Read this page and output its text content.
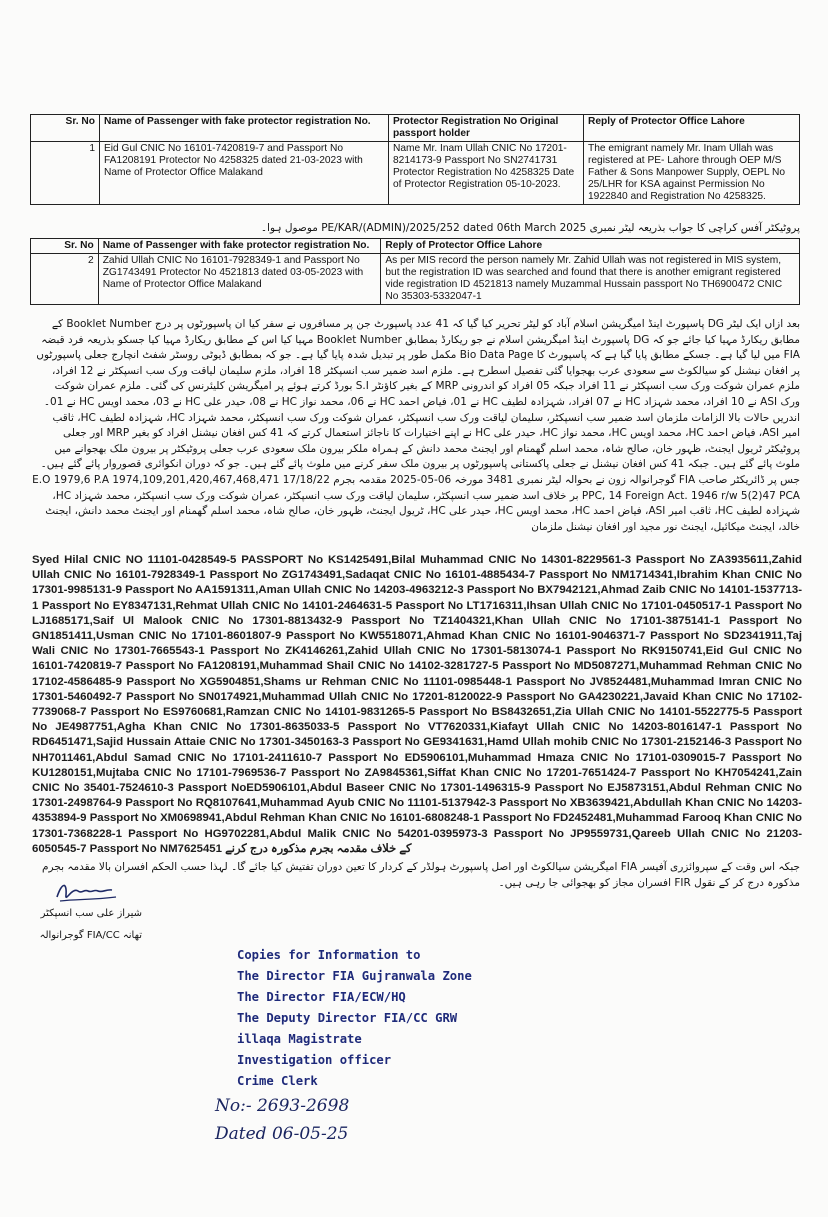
Sr. No	Name of Passenger with fake protector registration No.	Protector Registration No Original passport holder	Reply of Protector Office Lahore
1	Eid Gul CNIC No 16101-7420819-7 and Passport No FA1208191 Protector No 4258325 dated 21-03-2023 with Name of Protector Office Malakand	Name Mr. Inam Ullah CNIC No 17201-8214173-9 Passport No SN2741731 Protector Registration No 4258325 Date of Protector Registration 05-10-2023.	The emigrant namely Mr. Inam Ullah was registered at PE- Lahore through OEP M/S Father & Sons Manpower Supply, OEPL No 25/LHR for KSA against Permission No 1922840 and Registration No 4258325.
پروٹیکٹر آفس کراچی کا جواب بذریعہ لیٹر نمبری PE/KAR/(ADMIN)/2025/252 dated 06th March 2025 موصول ہوا۔
Sr. No	Name of Passenger with fake protector registration No.	Reply of Protector Office Lahore
2	Zahid Ullah CNIC No 16101-7928349-1 and Passport No ZG1743491 Protector No 4521813 dated 03-05-2023 with Name of Protector Office Malakand	As per MIS record the person namely Mr. Zahid Ullah was not registered in MIS system, but the registration ID was searched and found that there is another emigrant registered vide registration ID 4521813 namely Muzammal Hussain passport No TH6900472 CNIC No 35303-5332047-1
بعد ازاں ایک لیٹر DG پاسپورٹ اینڈ امیگریشن اسلام آباد کو لیٹر تحریر کیا گیا کہ 41 عدد پاسپورٹ جن پر مسافروں نے سفر کیا ان پاسپورٹوں پر درج Booklet Number کے مطابق ریکارڈ مہیا کیا جائے جو کہ DG پاسپورٹ اینڈ امیگریشن اسلام نے جو ریکارڈ بمطابق Booklet Number مہیا کیا اس کے مطابق ریکارڈ مہیا کیا جسکو بذریعہ فرد قبضہ FIA میں لیا گیا ہے۔ جسکے مطابق پایا گیا ہے کہ پاسپورٹ کا Bio Data Page مکمل طور پر تبدیل شدہ پایا گیا ہے۔ جو کہ بمطابق ڈیوٹی روسٹر شفٹ انچارج جعلی پاسپورٹوں پر افغان نیشنل کو سیالکوٹ سے سعودی عرب بھجوایا گئی تفصیل اسطرح ہے۔ ملزم اسد ضمیر سب انسپکٹر 18 افراد، ملزم سلیمان لیاقت ورک سب انسپکٹر نے 12 افراد، ملزم عمران شوکت ورک سب انسپکٹر نے 11 افراد جبکہ 05 افراد کو اندرونی MRP کے بغیر کاؤنٹر S.I بورڈ کرتے ہوئے پر امیگریشن کلیئرنس کی گئی۔ ملزم عمران شوکت ورک ASI نے 10 افراد، محمد شہزاد HC نے 07 افراد، شہزادہ لطیف HC نے 01، فیاض احمد HC نے 06، محمد نواز HC نے 08، حیدر علی HC نے 03، محمد اویس HC نے 01۔ اندریں حالات بالا الزامات ملزمان اسد ضمیر سب انسپکٹر، سلیمان لیاقت ورک سب انسپکٹر، عمران شوکت ورک سب انسپکٹر، محمد شہزاد HC، شہزادہ لطیف HC، ثاقب امیر ASI، فیاض احمد HC، محمد اویس HC، محمد نواز HC، حیدر علی HC نے اپنے اختیارات کا ناجائز استعمال کرتے کہ 41 کس افغان نیشنل افراد کو بغیر MRP اور جعلی پروٹیکٹر ٹریول ایجنٹ، ظہور خان، صالح شاہ، محمد اسلم گھمنام اور ایجنٹ محمد دانش کے ہمراہ ملکر بیرون ملک سعودی عرب جعلی پروٹیکٹر پر بیرون ملک بھجوانے میں ملوث پائے گئے ہیں۔ جبکہ 41 کس افغان نیشنل نے جعلی پاکستانی پاسپورٹوں پر بیرون ملک سفر کرنے میں ملوث پائے گئے ہیں۔ جو کہ دوران انکوائری قصوروار پائے گئے ہیں۔ جس پر ڈائریکٹر صاحب FIA گوجرانوالہ زون نے بحوالہ لیٹر نمبری 3481 مورخہ 06-05-2025 مقدمہ بجرم 17/18/22 E.O 1979,6 P.A 1974,109,201,420,467,468,471 PPC, 14 Foreign Act. 1946 r/w 5(2)47 PCA بر خلاف اسد ضمیر سب انسپکٹر، سلیمان لیاقت ورک سب انسپکٹر، عمران شوکت ورک سب انسپکٹر، محمد شہزاد HC، شہزادہ لطیف HC، ثاقب امیر ASI، فیاض احمد HC، محمد اویس HC، حیدر علی HC، ٹریول ایجنٹ، ظہور خان، صالح شاہ، محمد اسلم گھمنام اور ایجنٹ محمد دانش، ایجنٹ خالد، ایجنٹ میکائیل، ایجنٹ نور مجید اور افغان نیشنل ملزمان
Syed Hilal CNIC NO 11101-0428549-5 PASSPORT No KS1425491,Bilal Muhammad CNIC No 14301-8229561-3 Passport No ZA3935611,Zahid Ullah CNIC No 16101-7928349-1 Passport No ZG1743491,Sadaqat CNIC No 16101-4885434-7 Passport No NM1714341,Ibrahim Khan CNIC No 17301-9985131-9 Passport No AA1591311,Aman Ullah CNIC No 14203-4963212-3 Passport No BX7942121,Ahmad Zaib CNIC No 14101-1537713-1 Passport No EY8347131,Rehmat Ullah CNIC No 14101-2464631-5 Passport No LT1716311,Ihsan Ullah CNIC No 17101-0450517-1 Passport No LJ1685171,Saif Ul Malook CNIC No 17301-8813432-9 Passport No TZ1404321,Khan Ullah CNIC No 17101-3875141-1 Passport No GN1851411,Usman CNIC No 17101-8601807-9 Passport No KW5518071,Ahmad Khan CNIC No 16101-9046371-7 Passport No SD2341911,Taj Wali CNIC No 17301-7665543-1 Passport No ZK4146261,Zahid Ullah CNIC No 17301-5813074-1 Passport No RK9150741,Eid Gul CNIC No 16101-7420819-7 Passport No FA1208191,Muhammad Shail CNIC No 14102-3281727-5 Passport No MD5087271,Muhammad Rehman CNIC No 17102-4586485-9 Passport No XG5904851,Shams ur Rehman CNIC No 11101-0985448-1 Passport No JV8524481,Muhammad Imran CNIC No 17301-5460492-7 Passport No SN0174921,Muhammad Ullah CNIC No 17201-8120022-9 Passport No GA4230221,Javaid Khan CNIC No 17102-7739068-7 Passport No ES9760681,Ramzan CNIC No 14101-9831265-5 Passport No BS8432651,Zia Ullah CNIC No 14101-5522775-5 Passport No JE4987751,Agha Khan CNIC No 17301-8635033-5 Passport No VT7620331,Kiafayt Ullah CNIC No 14203-8016147-1 Passport No RD6451471,Sajid Hussain Attaie CNIC No 17301-3450163-3 Passport No GE9341631,Hamd Ullah mohib CNIC No 17301-2152146-3 Passport No NH7011461,Abdul Samad CNIC No 17101-2411610-7 Passport No ED5906101,Muhammad Hmaza CNIC No 17101-0309015-7 Passport No KU1280151,Mujtaba CNIC No 17101-7969536-7 Passport No ZA9845361,Siffat Khan CNIC No 17201-7651424-7 Passport No KH7054241,Zain CNIC No 35401-7524610-3 Passport NoED5906101,Abdul Baseer CNIC No 17301-1496315-9 Passport No EJ5873151,Abdul Rehman CNIC No 17301-2498764-9 Passport No RQ8107641,Muhammad Ayub CNIC No 11101-5137942-3 Passport No XB3639421,Abdullah Khan CNIC No 14203-4353894-9 Passport No XM0698941,Abdul Rehman Khan CNIC No 16101-6808248-1 Passport No FD2452481,Muhammad Farooq Khan CNIC No 17301-7368228-1 Passport No HG9702281,Abdul Malik CNIC No 54201-0395973-3 Passport No JP9559731,Qareeb Ullah CNIC No 21203-6050545-7 Passport No NM7625451 کے خلاف مقدمہ بجرم مذکورہ درج کرنے
جبکہ اس وقت کے سپروائزری آفیسر FIA امیگریشن سیالکوٹ اور اصل پاسپورٹ ہولڈر کے کردار کا تعین دوران تفتیش کیا جائے گا۔ لہذا حسب الحکم افسران بالا مقدمہ بجرم مذکورہ درج کر کے نقول FIR افسران مجاز کو بھجوائی جا رہی ہیں۔
شیراز علی سب انسپکٹر
تھانہ FIA/CC گوجرانوالہ
Copies for Information to
The Director FIA Gujranwala Zone
The Director FIA/ECW/HQ
The Deputy Director FIA/CC GRW
illaqa Magistrate
Investigation officer
Crime Clerk
No:- 2693-2698
Dated 06-05-25
